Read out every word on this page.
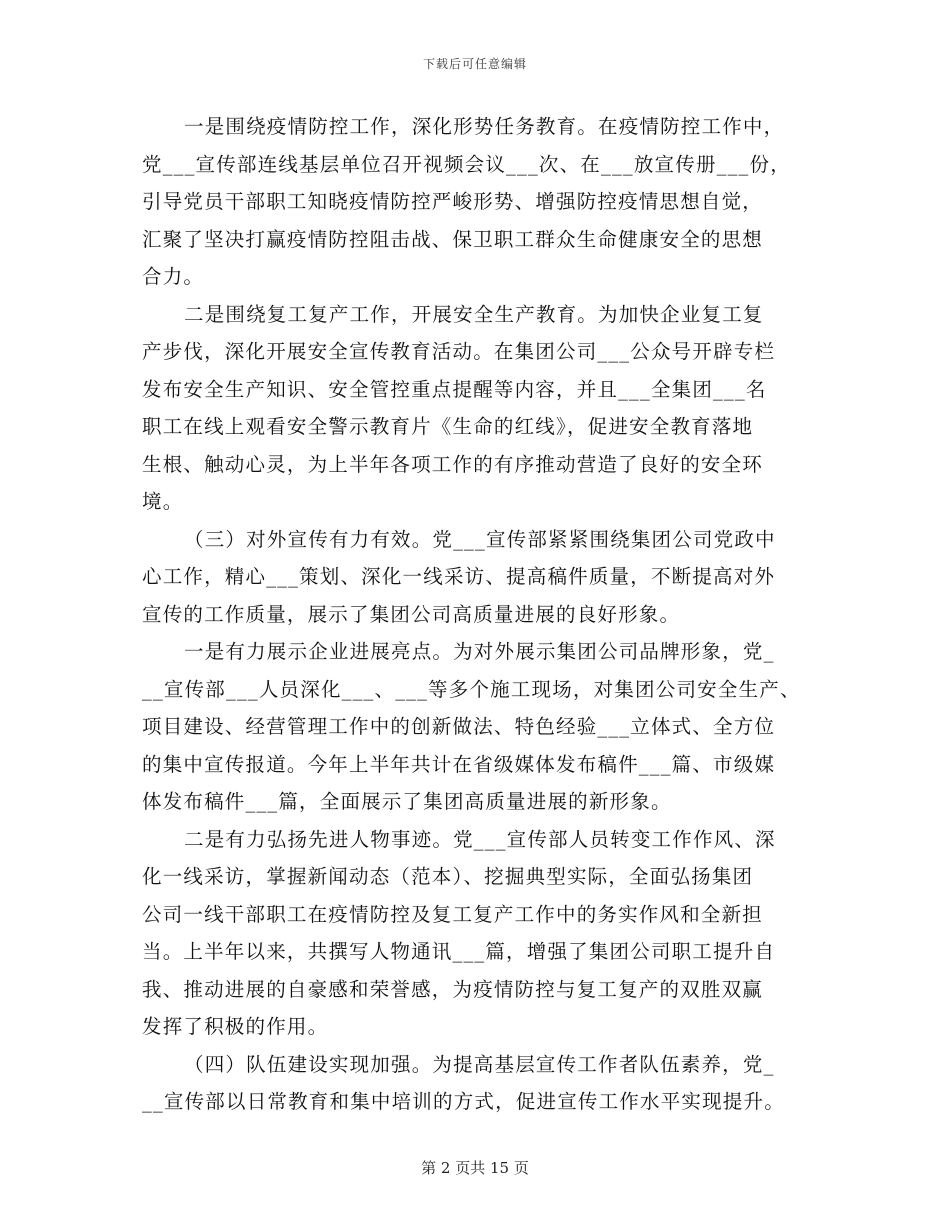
下载后可任意编辑
一是围绕疫情防控工作，深化形势任务教育。在疫情防控工作中，
党___宣传部连线基层单位召开视频会议___次、在___放宣传册___份，
引导党员干部职工知晓疫情防控严峻形势、增强防控疫情思想自觉，
汇聚了坚决打赢疫情防控阻击战、保卫职工群众生命健康安全的思想
合力。
二是围绕复工复产工作，开展安全生产教育。为加快企业复工复
产步伐，深化开展安全宣传教育活动。在集团公司___公众号开辟专栏
发布安全生产知识、安全管控重点提醒等内容，并且___全集团___名
职工在线上观看安全警示教育片《生命的红线》，促进安全教育落地
生根、触动心灵，为上半年各项工作的有序推动营造了良好的安全环
境。
（三）对外宣传有力有效。党___宣传部紧紧围绕集团公司党政中
心工作，精心___策划、深化一线采访、提高稿件质量，不断提高对外
宣传的工作质量，展示了集团公司高质量进展的良好形象。
一是有力展示企业进展亮点。为对外展示集团公司品牌形象，党_
__宣传部___人员深化___、___等多个施工现场，对集团公司安全生产、
项目建设、经营管理工作中的创新做法、特色经验___立体式、全方位
的集中宣传报道。今年上半年共计在省级媒体发布稿件___篇、市级媒
体发布稿件___篇，全面展示了集团高质量进展的新形象。
二是有力弘扬先进人物事迹。党___宣传部人员转变工作作风、深
化一线采访，掌握新闻动态（范本）、挖掘典型实际，全面弘扬集团
公司一线干部职工在疫情防控及复工复产工作中的务实作风和全新担
当。上半年以来，共撰写人物通讯___篇，增强了集团公司职工提升自
我、推动进展的自豪感和荣誉感，为疫情防控与复工复产的双胜双赢
发挥了积极的作用。
（四）队伍建设实现加强。为提高基层宣传工作者队伍素养，党_
__宣传部以日常教育和集中培训的方式，促进宣传工作水平实现提升。
第 2 页共 15 页
